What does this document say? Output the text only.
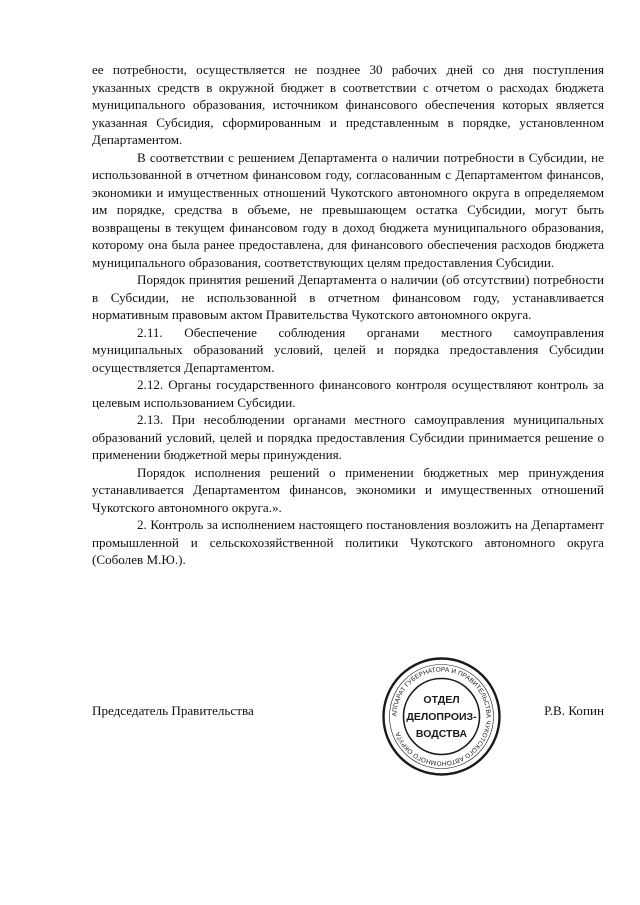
ее потребности, осуществляется не позднее 30 рабочих дней со дня поступления указанных средств в окружной бюджет в соответствии с отчетом о расходах бюджета муниципального образования, источником финансового обеспечения которых является указанная Субсидия, сформированным и представленным в порядке, установленном Департаментом.

В соответствии с решением Департамента о наличии потребности в Субсидии, не использованной в отчетном финансовом году, согласованным с Департаментом финансов, экономики и имущественных отношений Чукотского автономного округа в определяемом им порядке, средства в объеме, не превышающем остатка Субсидии, могут быть возвращены в текущем финансовом году в доход бюджета муниципального образования, которому она была ранее предоставлена, для финансового обеспечения расходов бюджета муниципального образования, соответствующих целям предоставления Субсидии.

Порядок принятия решений Департамента о наличии (об отсутствии) потребности в Субсидии, не использованной в отчетном финансовом году, устанавливается нормативным правовым актом Правительства Чукотского автономного округа.

2.11. Обеспечение соблюдения органами местного самоуправления муниципальных образований условий, целей и порядка предоставления Субсидии осуществляется Департаментом.

2.12. Органы государственного финансового контроля осуществляют контроль за целевым использованием Субсидии.

2.13. При несоблюдении органами местного самоуправления муниципальных образований условий, целей и порядка предоставления Субсидии принимается решение о применении бюджетной меры принуждения.

Порядок исполнения решений о применении бюджетных мер принуждения устанавливается Департаментом финансов, экономики и имущественных отношений Чукотского автономного округа.».

2. Контроль за исполнением настоящего постановления возложить на Департамент промышленной и сельскохозяйственной политики Чукотского автономного округа (Соболев М.Ю.).

Председатель Правительства	Р.В. Копин
АППАРАТ ГУБЕРНАТОРА И ПРАВИТЕЛЬСТВА ЧУКОТСКОГО АВТОНОМНОГО ОКРУГА
ОТДЕЛ
ДЕЛОПРОИЗ-
ВОДСТВА
